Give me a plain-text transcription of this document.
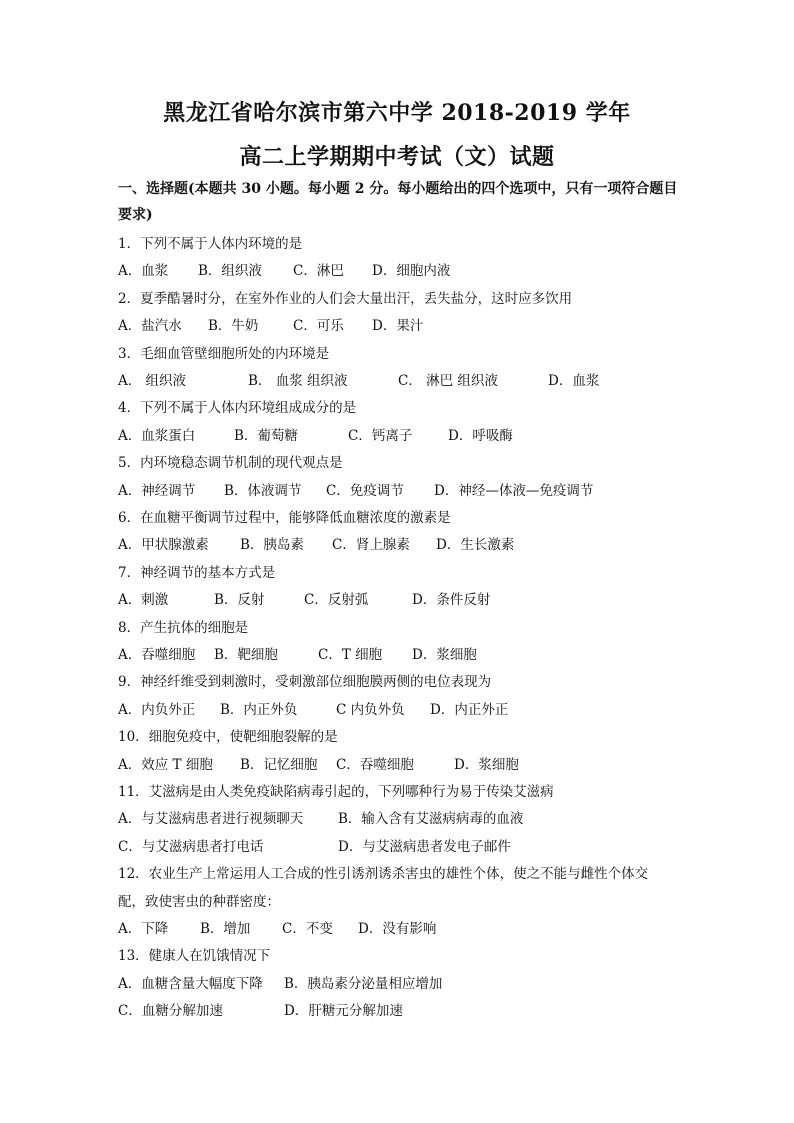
黑龙江省哈尔滨市第六中学 2018-2019 学年
高二上学期期中考试（文）试题
一、选择题(本题共 30 小题。每小题 2 分。每小题给出的四个选项中，只有一项符合题目要求)
1．下列不属于人体内环境的是
A．血浆 B．组织液 C．淋巴 D．细胞内液
2．夏季酷暑时分，在室外作业的人们会大量出汗，丢失盐分，这时应多饮用
A．盐汽水 B．牛奶	C．可乐 D．果汁
3．毛细血管壁细胞所处的内环境是
A． 组织液	B． 血浆 组织液	C． 淋巴 组织液	D．血浆
4．下列不属于人体内环境组成成分的是
A．血浆蛋白	B．葡萄糖	C．钙离子	D．呼吸酶
5．内环境稳态调节机制的现代观点是
A．神经调节 B．体液调节 C．免疫调节 D．神经—体液—免疫调节
6．在血糖平衡调节过程中，能够降低血糖浓度的激素是
A．甲状腺激素 B．胰岛素 C．肾上腺素 D．生长激素
7．神经调节的基本方式是
A．刺激	B．反射	C．反射弧	D．条件反射
8．产生抗体的细胞是
A．吞噬细胞 B．靶细胞	C．T 细胞 D．浆细胞
9．神经纤维受到刺激时，受刺激部位细胞膜两侧的电位表现为
A．内负外正 B．内正外负	C 内负外负 D．内正外正
10．细胞免疫中，使靶细胞裂解的是
A．效应 T 细胞 B．记忆细胞 C．吞噬细胞	D．浆细胞
11．艾滋病是由人类免疫缺陷病毒引起的，下列哪种行为易于传染艾滋病
A．与艾滋病患者进行视频聊天	B．输入含有艾滋病病毒的血液
C．与艾滋病患者打电话	D．与艾滋病患者发电子邮件
12．农业生产上常运用人工合成的性引诱剂诱杀害虫的雄性个体，使之不能与雌性个体交
配，致使害虫的种群密度：
A．下降 B．增加 C．不变 D．没有影响
13．健康人在饥饿情况下
A．血糖含量大幅度下降 B．胰岛素分泌量相应增加
C．血糖分解加速	D．肝糖元分解加速
